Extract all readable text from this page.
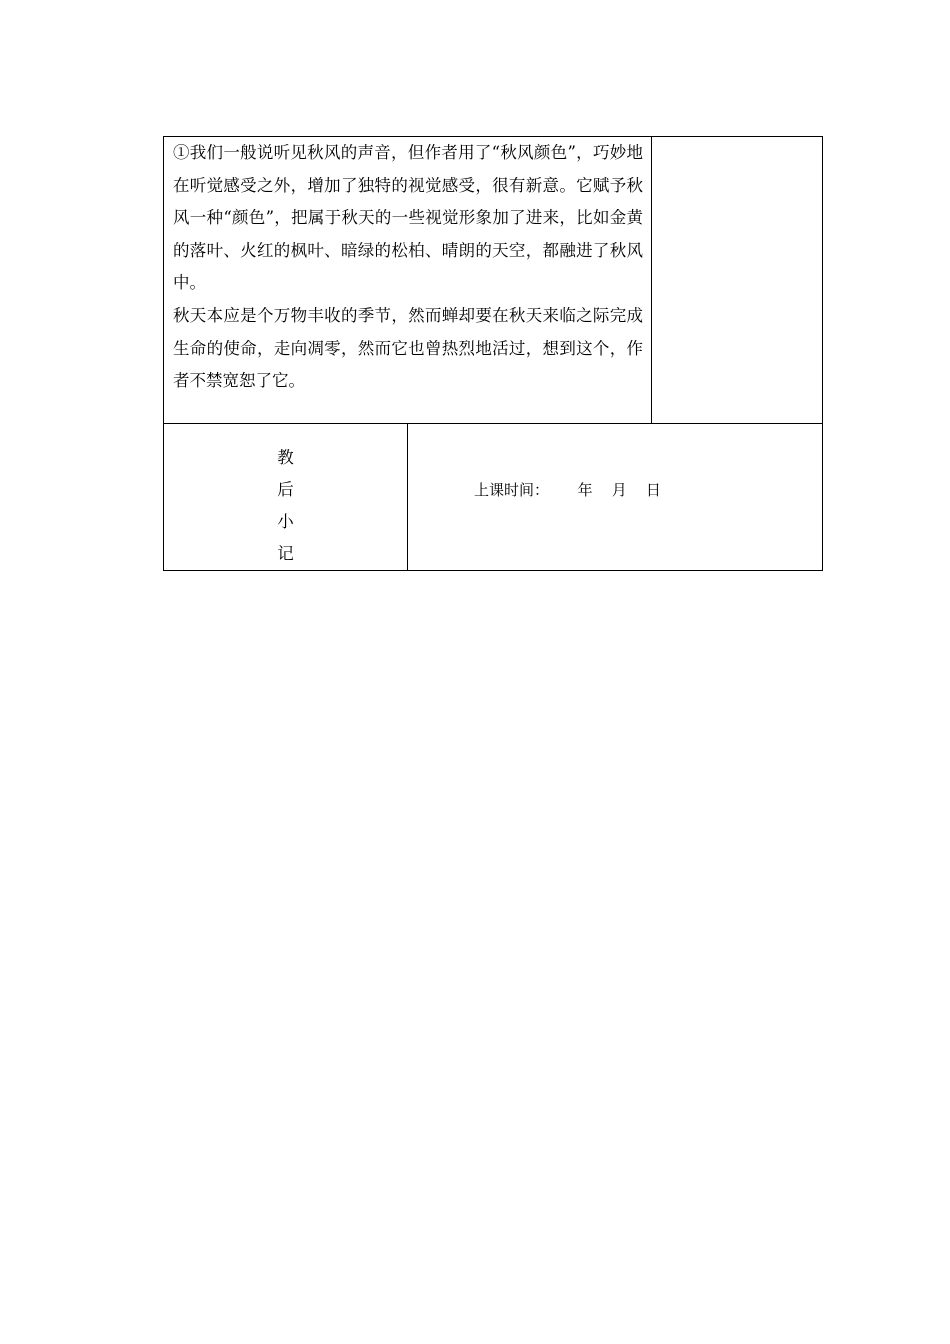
①我们一般说听见秋风的声音，但作者用了“秋风颜色”，巧妙地在听觉感受之外，增加了独特的视觉感受，很有新意。它赋予秋风一种“颜色”，把属于秋天的一些视觉形象加了进来，比如金黄的落叶、火红的枫叶、暗绿的松柏、晴朗的天空，都融进了秋风中。

秋天本应是个万物丰收的季节，然而蝉却要在秋天来临之际完成生命的使命，走向凋零，然而它也曾热烈地活过，想到这个，作者不禁宽恕了它。		

教
后
小
记	上课时间： 年 月 日	
